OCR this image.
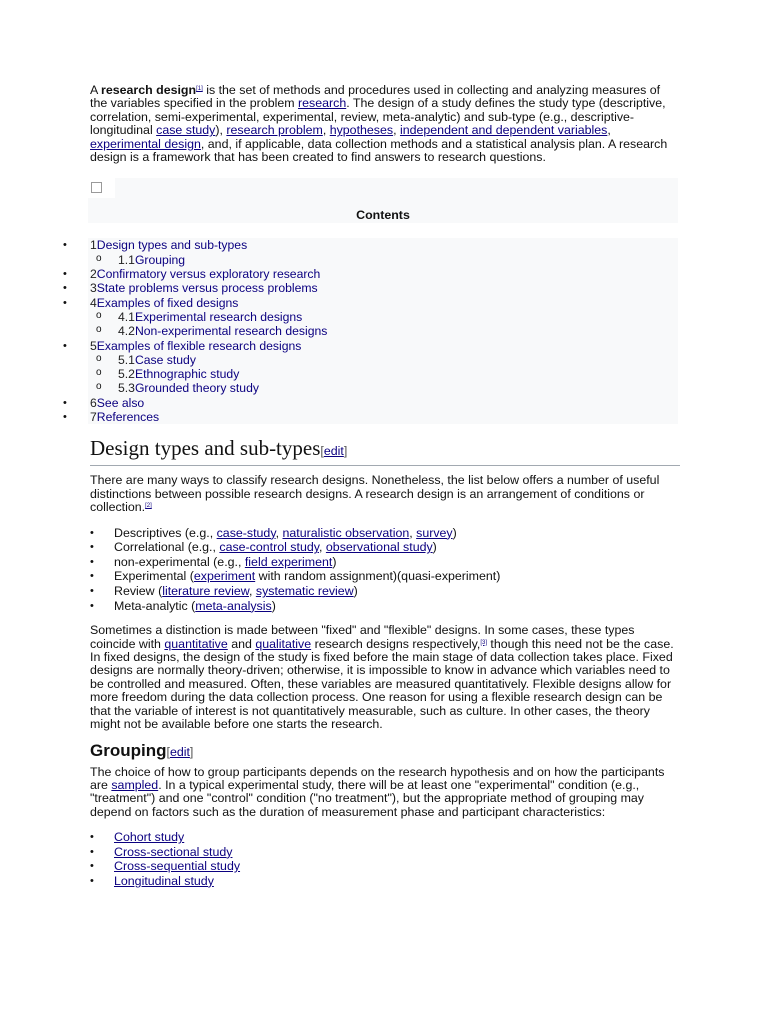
A research design[1] is the set of methods and procedures used in collecting and analyzing measures of the variables specified in the problem research. The design of a study defines the study type (descriptive, correlation, semi-experimental, experimental, review, meta-analytic) and sub-type (e.g., descriptive-longitudinal case study), research problem, hypotheses, independent and dependent variables, experimental design, and, if applicable, data collection methods and a statistical analysis plan. A research design is a framework that has been created to find answers to research questions.

Contents
• 1Design types and sub-types
o 1.1Grouping
• 2Confirmatory versus exploratory research
• 3State problems versus process problems
• 4Examples of fixed designs
o 4.1Experimental research designs
o 4.2Non-experimental research designs
• 5Examples of flexible research designs
o 5.1Case study
o 5.2Ethnographic study
o 5.3Grounded theory study
• 6See also
• 7References
Design types and sub-types[edit]

There are many ways to classify research designs. Nonetheless, the list below offers a number of useful distinctions between possible research designs. A research design is an arrangement of conditions or collection.[2]

• Descriptives (e.g., case-study, naturalistic observation, survey)
• Correlational (e.g., case-control study, observational study)
• non-experimental (e.g., field experiment)
• Experimental (experiment with random assignment)(quasi-experiment)
• Review (literature review, systematic review)
• Meta-analytic (meta-analysis)

Sometimes a distinction is made between "fixed" and "flexible" designs. In some cases, these types coincide with quantitative and qualitative research designs respectively,[3] though this need not be the case. In fixed designs, the design of the study is fixed before the main stage of data collection takes place. Fixed designs are normally theory-driven; otherwise, it is impossible to know in advance which variables need to be controlled and measured. Often, these variables are measured quantitatively. Flexible designs allow for more freedom during the data collection process. One reason for using a flexible research design can be that the variable of interest is not quantitatively measurable, such as culture. In other cases, the theory might not be available before one starts the research.

Grouping[edit]

The choice of how to group participants depends on the research hypothesis and on how the participants are sampled. In a typical experimental study, there will be at least one "experimental" condition (e.g., "treatment") and one "control" condition ("no treatment"), but the appropriate method of grouping may depend on factors such as the duration of measurement phase and participant characteristics:

• Cohort study
• Cross-sectional study
• Cross-sequential study
• Longitudinal study
